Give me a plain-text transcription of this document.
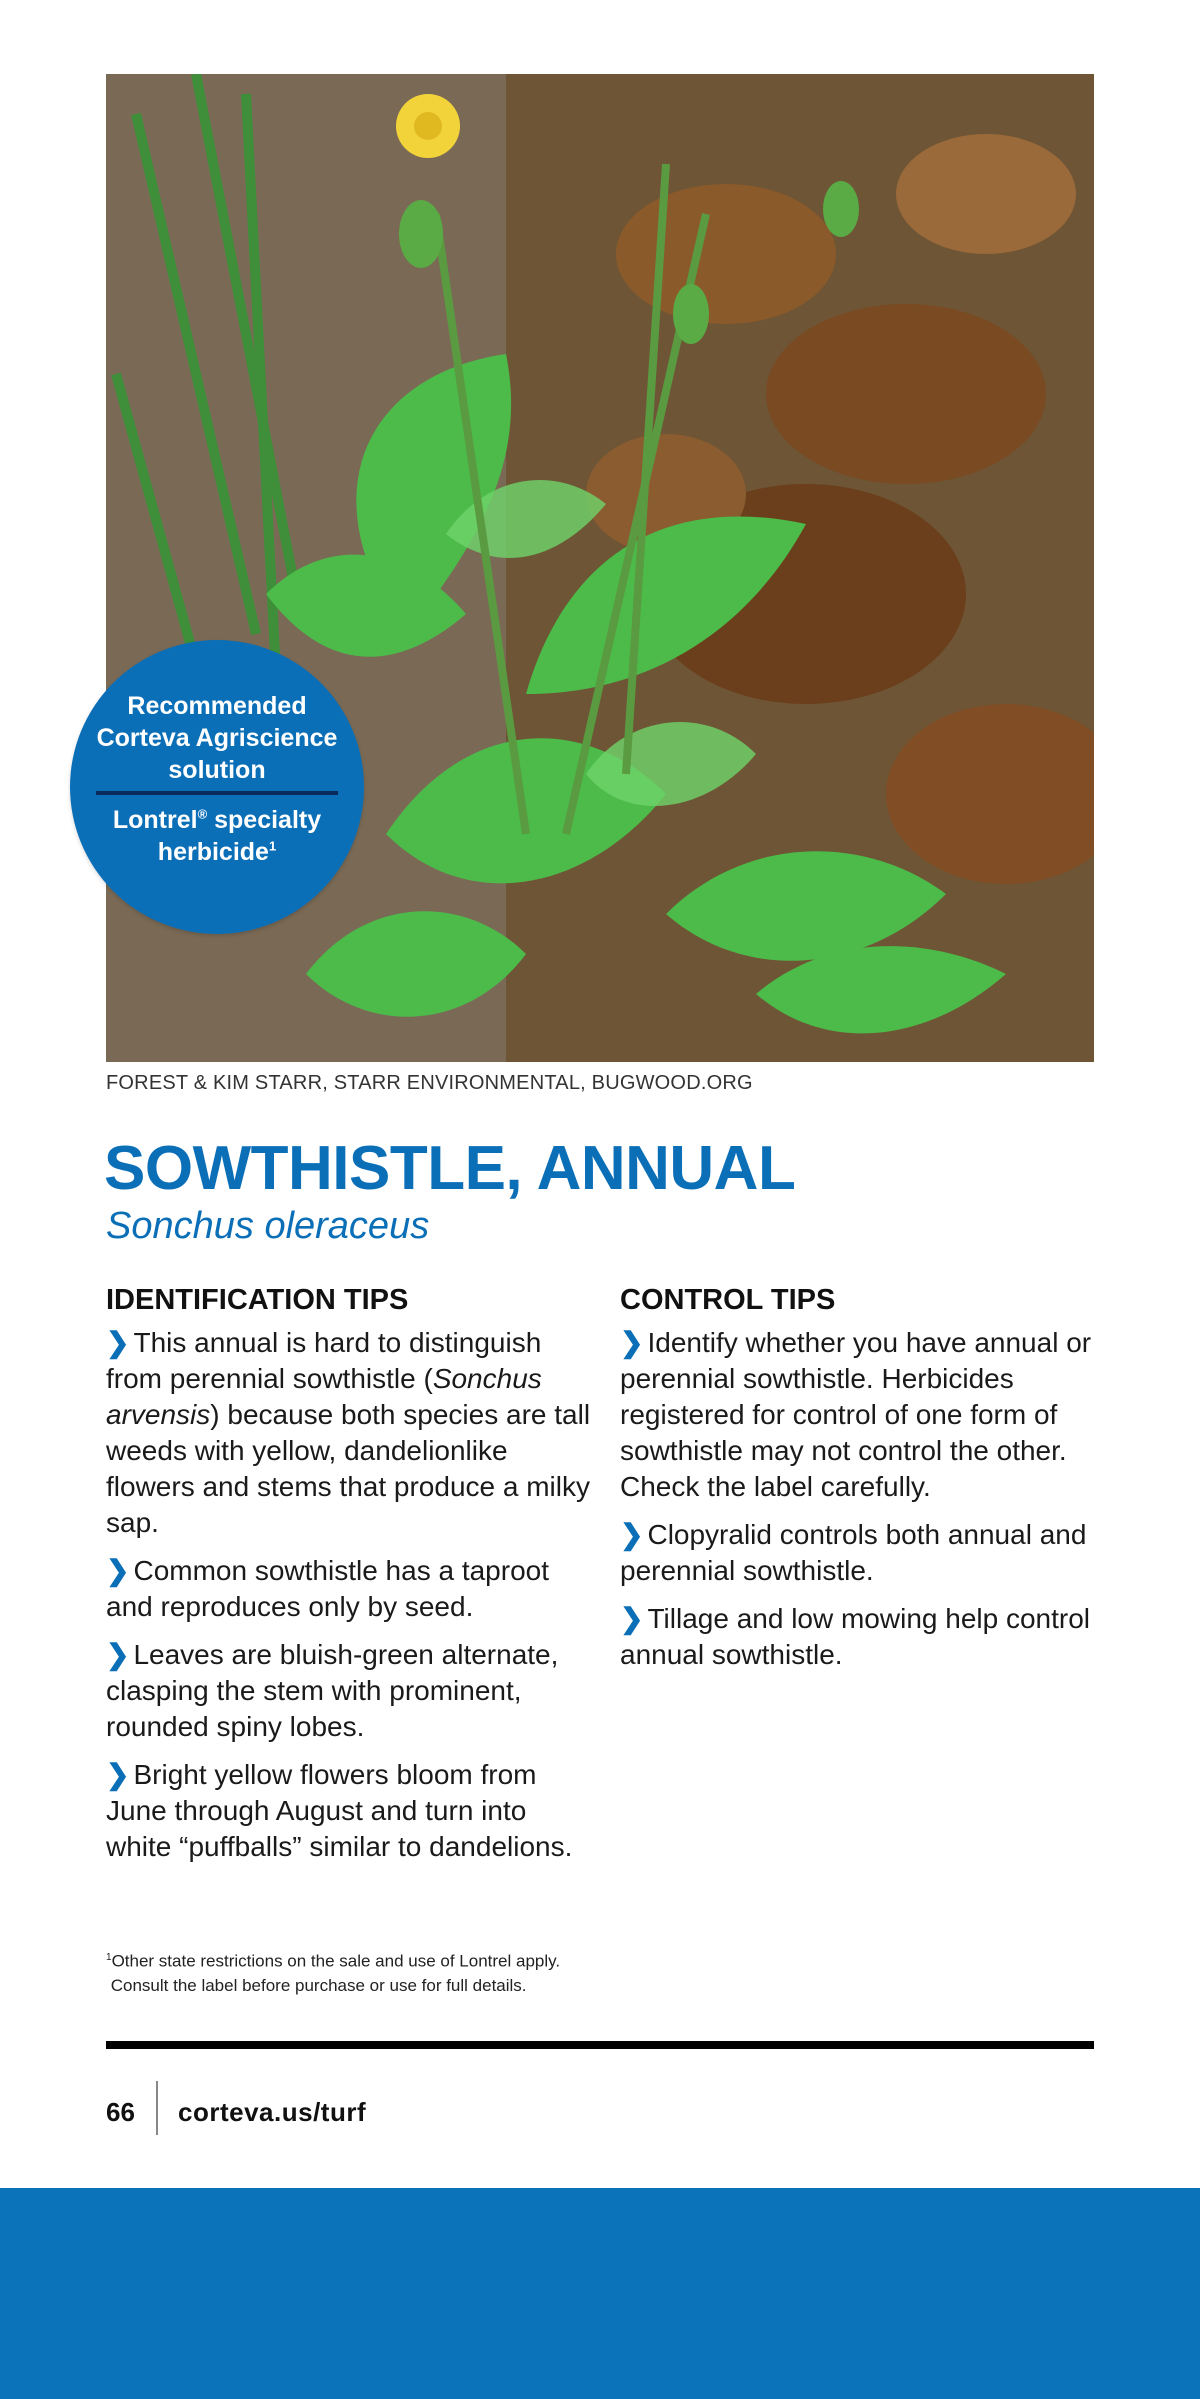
Recommended
Corteva Agriscience
solution
Lontrel® specialty
herbicide$^1$
FOREST & KIM STARR, STARR ENVIRONMENTAL, BUGWOOD.ORG
SOWTHISTLE, ANNUAL
Sonchus oleraceus
IDENTIFICATION TIPS

❯ This annual is hard to distinguish from perennial sowthistle (Sonchus arvensis) because both species are tall weeds with yellow, dandelionlike flowers and stems that produce a milky sap.

❯ Common sowthistle has a taproot and reproduces only by seed.

❯ Leaves are bluish-green alternate, clasping the stem with prominent, rounded spiny lobes.

❯ Bright yellow flowers bloom from June through August and turn into white “puffballs” similar to dandelions.

CONTROL TIPS

❯ Identify whether you have annual or perennial sowthistle. Herbicides registered for control of one form of sowthistle may not control the other. Check the label carefully.

❯ Clopyralid controls both annual and perennial sowthistle.

❯ Tillage and low mowing help control annual sowthistle.

$^1$Other state restrictions on the sale and use of Lontrel apply.
Consult the label before purchase or use for full details.
66 corteva.us/turf
